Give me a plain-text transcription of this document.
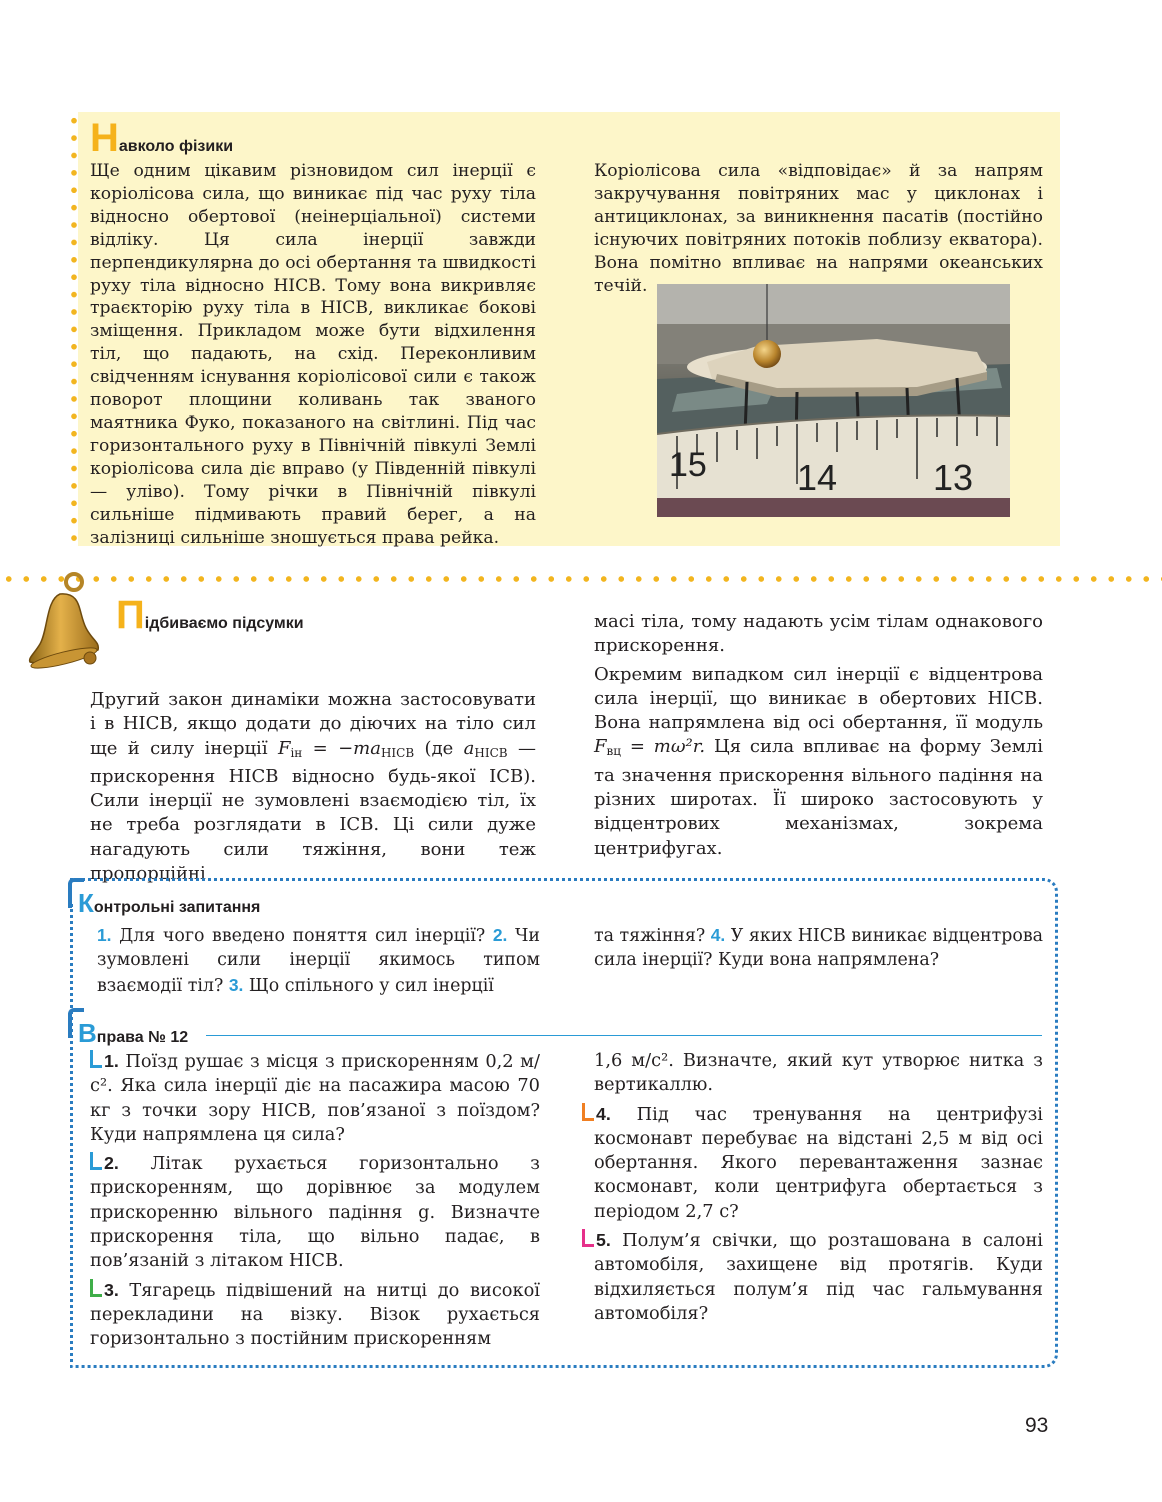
Н авколо фізики

Ще одним цікавим різновидом сил інерції є коріолісова сила, що виникає під час руху тіла відносно обертової (неінерціальної) системи відліку. Ця сила інерції завжди перпендикулярна до осі обертання та швидкості руху тіла відносно НІСВ. Тому вона викривляє траєкторію руху тіла в НІСВ, викликає бокові зміщення. Прикладом може бути відхилення тіл, що падають, на схід. Переконливим свідченням існування коріолісової сили є також поворот площини коливань так званого маятника Фуко, показаного на світлині. Під час горизонтального руху в Північній півкулі Землі коріолісова сила діє вправо (у Південній півкулі — уліво). Тому річки в Північній півкулі сильніше підмивають правий берег, а на залізниці сильніше зношується права рейка.

Коріолісова сила «відповідає» й за напрям закручування повітряних мас у циклонах і антициклонах, за виникнення пасатів (постійно існуючих повітряних потоків поблизу екватора). Вона помітно впливає на напрями океанських течій.

15	14	13
П ідбиваємо підсумки

Другий закон динаміки можна застосовувати і в НІСВ, якщо додати до діючих на тіло сил ще й силу інерції $F_{ін} = -ma_{НІСВ}$ (де $a_{НІСВ}$ — прискорення НІСВ відносно будь-якої ІСВ). Сили інерції не зумовлені взаємодією тіл, їх не треба розглядати в ІСВ. Ці сили дуже нагадують сили тяжіння, вони теж пропорційні

масі тіла, тому надають усім тілам однакового прискорення.

Окремим випадком сил інерції є відцентрова сила інерції, що виникає в обертових НІСВ. Вона напрямлена від осі обертання, її модуль $F_{вц} = m\omega^2r$. Ця сила впливає на форму Землі та значення прискорення вільного падіння на різних широтах. Її широко застосовують у відцентрових механізмах, зокрема центрифугах.

К онтрольні запитання

1. Для чого введено поняття сил інерції? 2. Чи зумовлені сили інерції якимось типом взаємодії тіл? 3. Що спільного у сил інерції

та тяжіння? 4. У яких НІСВ виникає відцентрова сила інерції? Куди вона напрямлена?

В права № 12

1. Поїзд рушає з місця з прискоренням 0,2 м/с². Яка сила інерції діє на пасажира масою 70 кг з точки зору НІСВ, пов’язаної з поїздом? Куди напрямлена ця сила?

2. Літак рухається горизонтально з прискоренням, що дорівнює за модулем прискоренню вільного падіння g. Визначте прискорення тіла, що вільно падає, в пов’язаній з літаком НІСВ.

3. Тягарець підвішений на нитці до високої перекладини на візку. Візок рухається горизонтально з постійним прискоренням

1,6 м/с². Визначте, який кут утворює нитка з вертикаллю.

4. Під час тренування на центрифузі космонавт перебуває на відстані 2,5 м від осі обертання. Якого перевантаження зазнає космонавт, коли центрифуга обертається з періодом 2,7 с?

5. Полум’я свічки, що розташована в салоні автомобіля, захищене від протягів. Куди відхиляється полум’я під час гальмування автомобіля?

93
